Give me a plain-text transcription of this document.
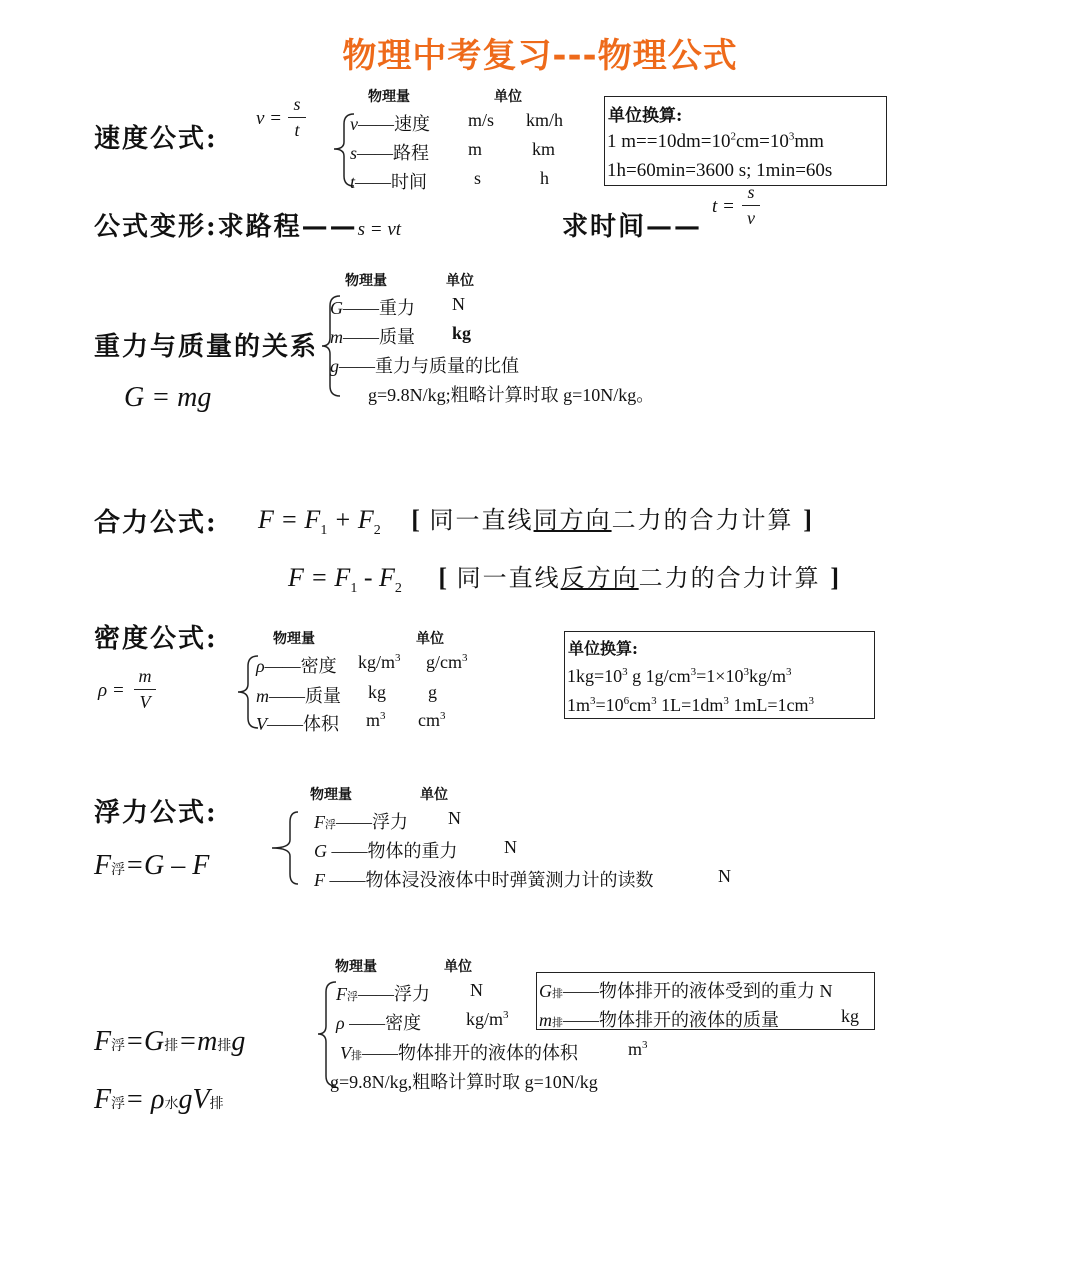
物理中考复习---物理公式
物理量	单位
速度公式:
v =
s
t	v——速度 m/s km/h
s——路程 m	km
t——时间	s	h
单位换算:
1 $m==10dm=10^2cm=10^3mm$
1h=60min=3600 s; 1min=60s
公式变形:求路程——s = vt	求时间——
t =
s
v
物理量	单位
重力与质量的关系
G = mg
G——重力 N
m——质量 kg
g——重力与质量的比值
g=9.8N/kg;粗略计算时取 g=10N/kg。
合力公式: $F = F_1 + F_2$ [ 同一直线同方向二力的合力计算 ]
$F = F_1 - F_2$ [ 同一直线反方向二力的合力计算 ]
密度公式:	物理量	单位
ρ =
m
V
ρ——密度 $kg/m^3$ $g/cm^3$
m——质量 kg g
V——体积 $m^3$ $cm^3$
单位换算:
$1kg=10^3$ g $1g/cm^3=1\times 10^3kg/m^3$
$1m^3=10^6cm^3$ $1L=1dm^3$ $1mL=1cm^3$
浮力公式:
物理量	单位
F浮=G – F
F浮——浮力 N
G ——物体的重力	N
F ——物体浸没液体中时弹簧测力计的读数	N
物理量	单位
F浮——浮力 N
ρ ——密度 $kg/m^3$
V排——物体排开的液体的体积	$m^3$
g=9.8N/kg,粗略计算时取 g=10N/kg
G排——物体排开的液体受到的重力 N
m排——物体排开的液体的质量	kg
F浮=G排=m排g
F浮= ρ水gV排
